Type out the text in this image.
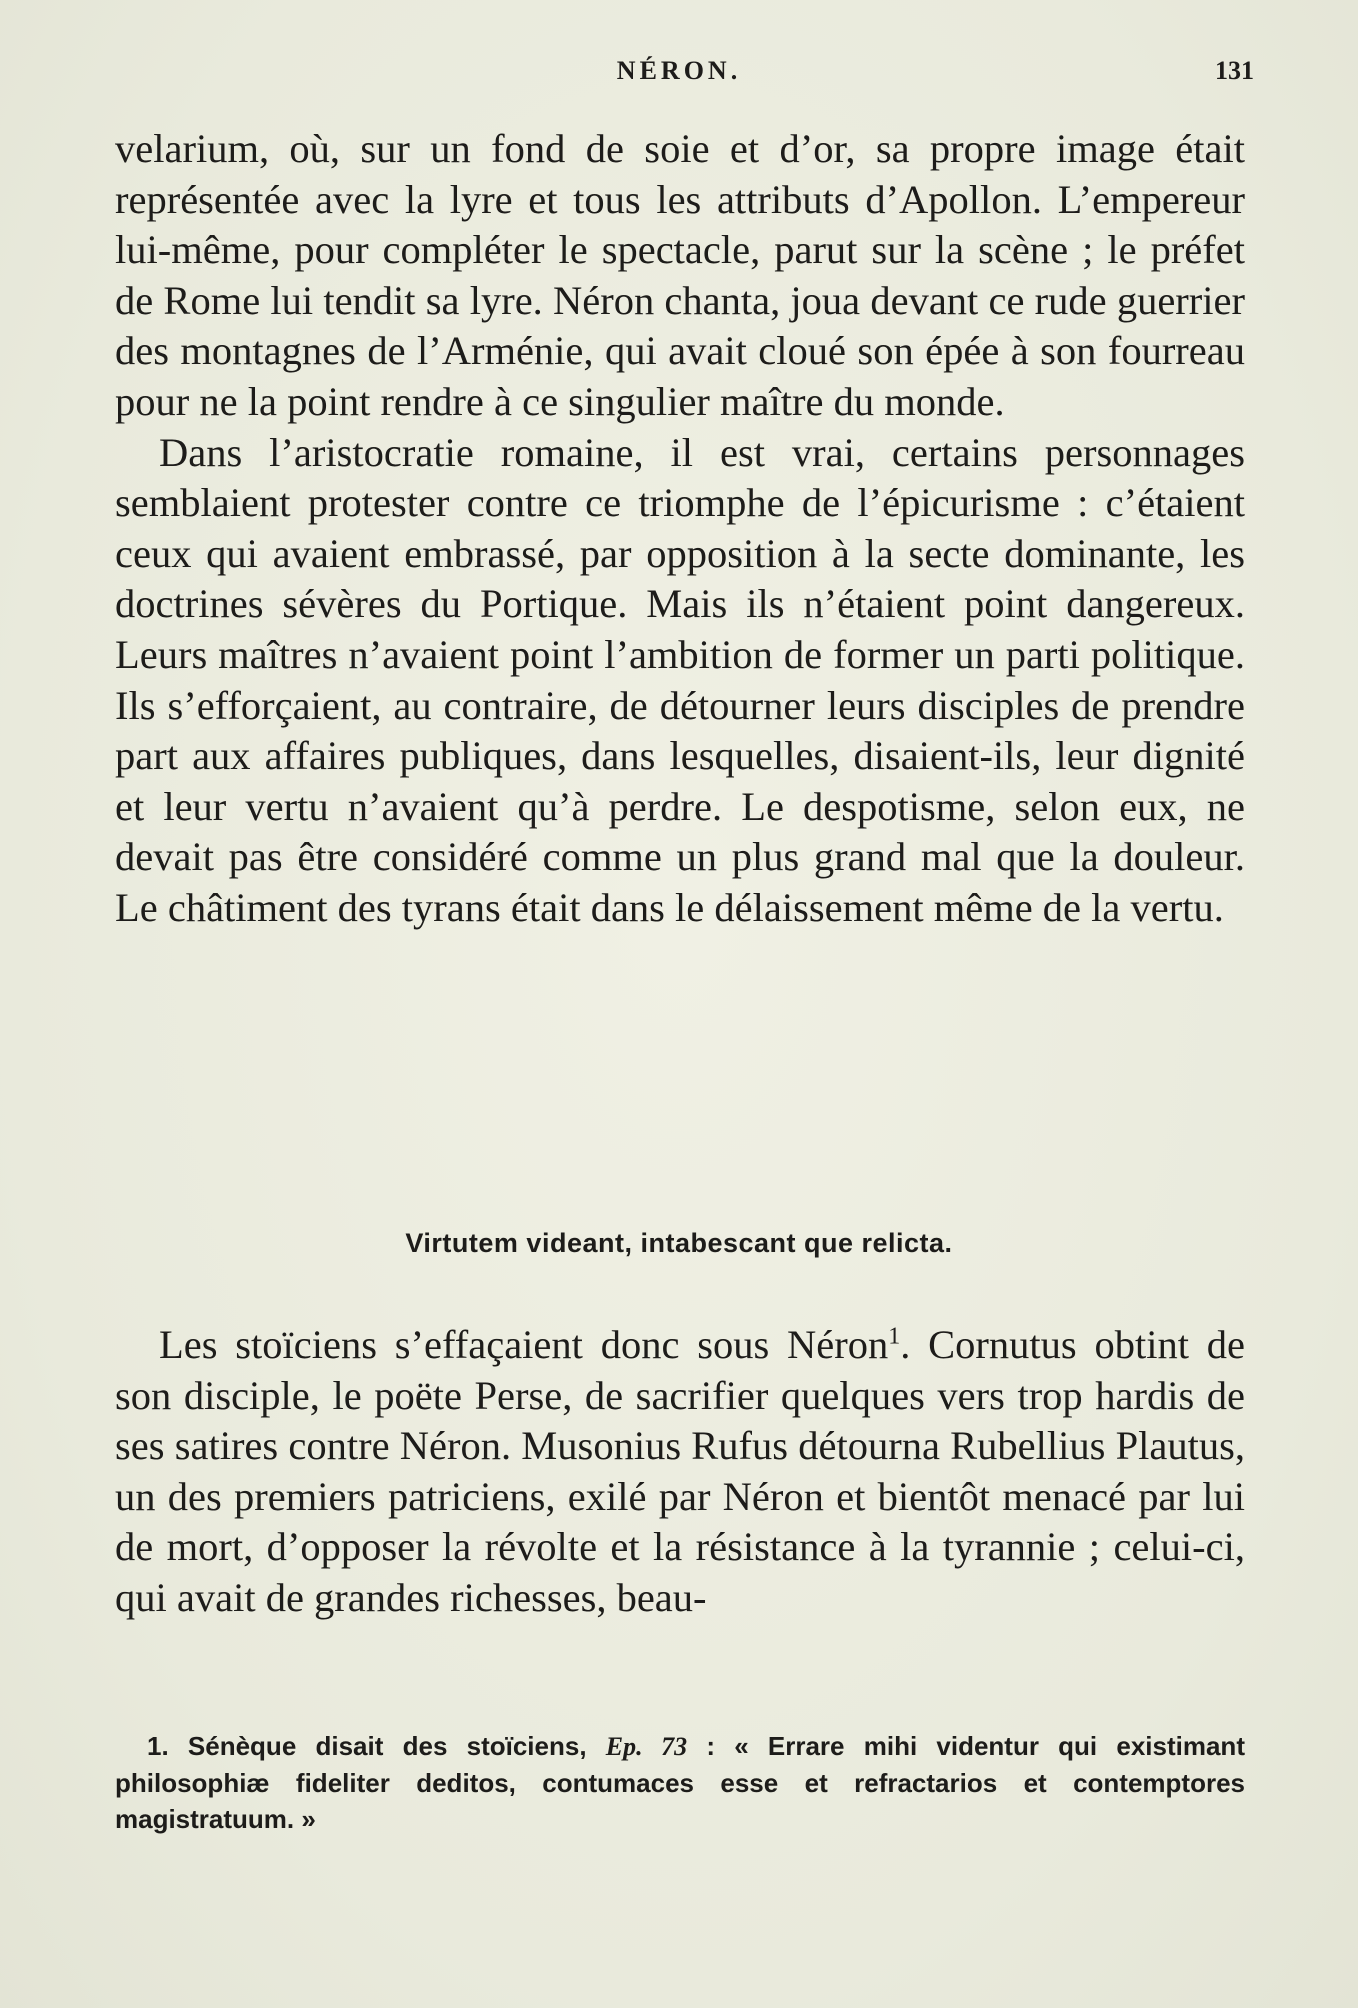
NÉRON.	131

velarium, où, sur un fond de soie et d’or, sa propre image était représentée avec la lyre et tous les attributs d’Apollon. L’empereur lui-même, pour compléter le spectacle, parut sur la scène ; le préfet de Rome lui tendit sa lyre. Néron chanta, joua devant ce rude guerrier des montagnes de l’Arménie, qui avait cloué son épée à son fourreau pour ne la point rendre à ce singulier maître du monde.

Dans l’aristocratie romaine, il est vrai, certains personnages semblaient protester contre ce triomphe de l’épicurisme : c’étaient ceux qui avaient embrassé, par opposition à la secte dominante, les doctrines sévères du Portique. Mais ils n’étaient point dangereux. Leurs maîtres n’avaient point l’ambition de former un parti politique. Ils s’efforçaient, au contraire, de détourner leurs disciples de prendre part aux affaires publiques, dans lesquelles, disaient-ils, leur dignité et leur vertu n’avaient qu’à perdre. Le despotisme, selon eux, ne devait pas être considéré comme un plus grand mal que la douleur. Le châtiment des tyrans était dans le délaissement même de la vertu.

Virtutem videant, intabescant que relicta.

Les stoïciens s’effaçaient donc sous Néron$^1$. Cornutus obtint de son disciple, le poëte Perse, de sacrifier quelques vers trop hardis de ses satires contre Néron. Musonius Rufus détourna Rubellius Plautus, un des premiers patriciens, exilé par Néron et bientôt menacé par lui de mort, d’opposer la révolte et la résistance à la tyrannie ; celui-ci, qui avait de grandes richesses, beau-

1. Sénèque disait des stoïciens, Ep. 73 : « Errare mihi videntur qui existimant philosophiæ fideliter deditos, contumaces esse et refractarios et contemptores magistratuum. »
